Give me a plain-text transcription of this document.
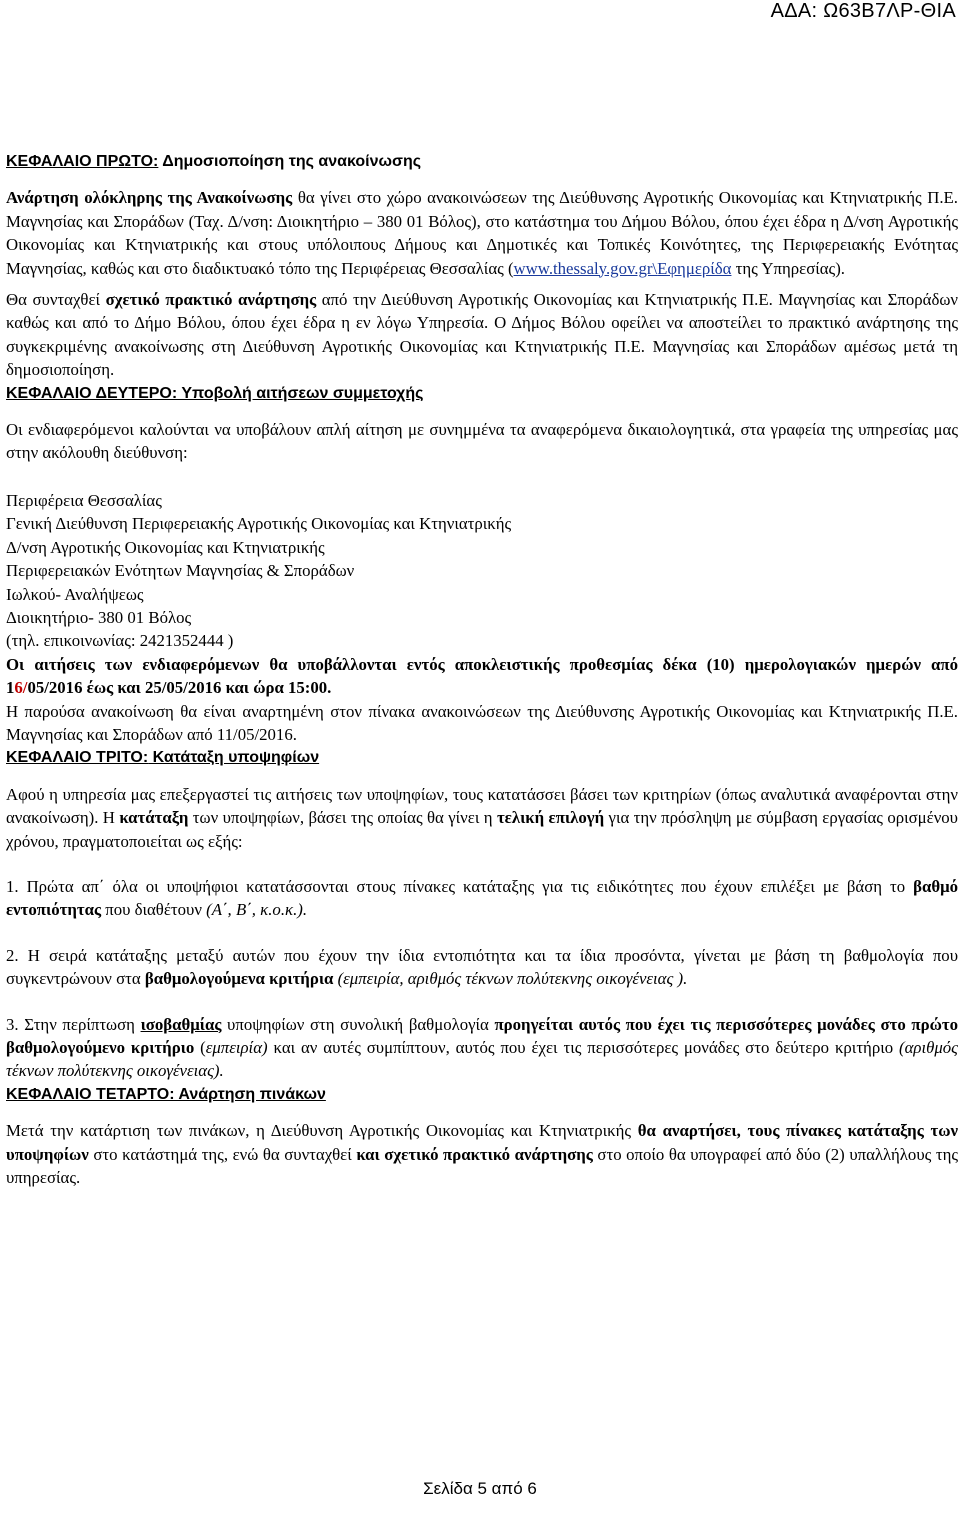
ΑΔΑ: Ω63Β7ΛΡ-ΘΙΑ

ΚΕΦΑΛΑΙΟ ΠΡΩΤΟ: Δημοσιοποίηση της ανακοίνωσης

Ανάρτηση ολόκληρης της Ανακοίνωσης θα γίνει στο χώρο ανακοινώσεων της Διεύθυνσης Αγροτικής Οικονομίας και Κτηνιατρικής Π.Ε. Μαγνησίας και Σποράδων (Ταχ. Δ/νση: Διοικητήριο – 380 01 Βόλος), στο κατάστημα του Δήμου Βόλου, όπου έχει έδρα η Δ/νση Αγροτικής Οικονομίας και Κτηνιατρικής και στους υπόλοιπους Δήμους και Δημοτικές και Τοπικές Κοινότητες, της Περιφερειακής Ενότητας Μαγνησίας, καθώς και στο διαδικτυακό τόπο της Περιφέρειας Θεσσαλίας (www.thessaly.gov.gr\Εφημερίδα της Υπηρεσίας).

Θα συνταχθεί σχετικό πρακτικό ανάρτησης από την Διεύθυνση Αγροτικής Οικονομίας και Κτηνιατρικής Π.Ε. Μαγνησίας και Σποράδων καθώς και από το Δήμο Βόλου, όπου έχει έδρα η εν λόγω Υπηρεσία. Ο Δήμος Βόλου οφείλει να αποστείλει το πρακτικό ανάρτησης της συγκεκριμένης ανακοίνωσης στη Διεύθυνση Αγροτικής Οικονομίας και Κτηνιατρικής Π.Ε. Μαγνησίας και Σποράδων αμέσως μετά τη δημοσιοποίηση.

ΚΕΦΑΛΑΙΟ ΔΕΥΤΕΡΟ: Υποβολή αιτήσεων συμμετοχής

Οι ενδιαφερόμενοι καλούνται να υποβάλουν απλή αίτηση με συνημμένα τα αναφερόμενα δικαιολογητικά, στα γραφεία της υπηρεσίας μας στην ακόλουθη διεύθυνση:

Περιφέρεια Θεσσαλίας

Γενική Διεύθυνση Περιφερειακής Αγροτικής Οικονομίας και Κτηνιατρικής

Δ/νση Αγροτικής Οικονομίας και Κτηνιατρικής

Περιφερειακών Ενότητων Μαγνησίας & Σποράδων

Ιωλκού- Αναλήψεως

Διοικητήριο- 380 01 Βόλος

(τηλ. επικοινωνίας: 2421352444 )

Οι αιτήσεις των ενδιαφερόμενων θα υποβάλλονται εντός αποκλειστικής προθεσμίας δέκα (10) ημερολογιακών ημερών από 16/05/2016 έως και 25/05/2016 και ώρα 15:00.

Η παρούσα ανακοίνωση θα είναι αναρτημένη στον πίνακα ανακοινώσεων της Διεύθυνσης Αγροτικής Οικονομίας και Κτηνιατρικής Π.Ε. Μαγνησίας και Σποράδων από 11/05/2016.

ΚΕΦΑΛΑΙΟ ΤΡΙΤΟ: Κατάταξη υποψηφίων

Αφού η υπηρεσία μας επεξεργαστεί τις αιτήσεις των υποψηφίων, τους κατατάσσει βάσει των κριτηρίων (όπως αναλυτικά αναφέρονται στην ανακοίνωση). Η κατάταξη των υποψηφίων, βάσει της οποίας θα γίνει η τελική επιλογή για την πρόσληψη με σύμβαση εργασίας ορισμένου χρόνου, πραγματοποιείται ως εξής:

1. Πρώτα απ΄ όλα οι υποψήφιοι κατατάσσονται στους πίνακες κατάταξης για τις ειδικότητες που έχουν επιλέξει με βάση το βαθμό εντοπιότητας που διαθέτουν (Α΄, Β΄, κ.ο.κ.).

2. Η σειρά κατάταξης μεταξύ αυτών που έχουν την ίδια εντοπιότητα και τα ίδια προσόντα, γίνεται με βάση τη βαθμολογία που συγκεντρώνουν στα βαθμολογούμενα κριτήρια (εμπειρία, αριθμός τέκνων πολύτεκνης οικογένειας ).

3. Στην περίπτωση ισοβαθμίας υποψηφίων στη συνολική βαθμολογία προηγείται αυτός που έχει τις περισσότερες μονάδες στο πρώτο βαθμολογούμενο κριτήριο (εμπειρία) και αν αυτές συμπίπτουν, αυτός που έχει τις περισσότερες μονάδες στο δεύτερο κριτήριο (αριθμός τέκνων πολύτεκνης οικογένειας).

ΚΕΦΑΛΑΙΟ ΤΕΤΑΡΤΟ: Ανάρτηση πινάκων

Μετά την κατάρτιση των πινάκων, η Διεύθυνση Αγροτικής Οικονομίας και Κτηνιατρικής θα αναρτήσει, τους πίνακες κατάταξης των υποψηφίων στο κατάστημά της, ενώ θα συνταχθεί και σχετικό πρακτικό ανάρτησης στο οποίο θα υπογραφεί από δύο (2) υπαλλήλους της υπηρεσίας.

Σελίδα 5 από 6
